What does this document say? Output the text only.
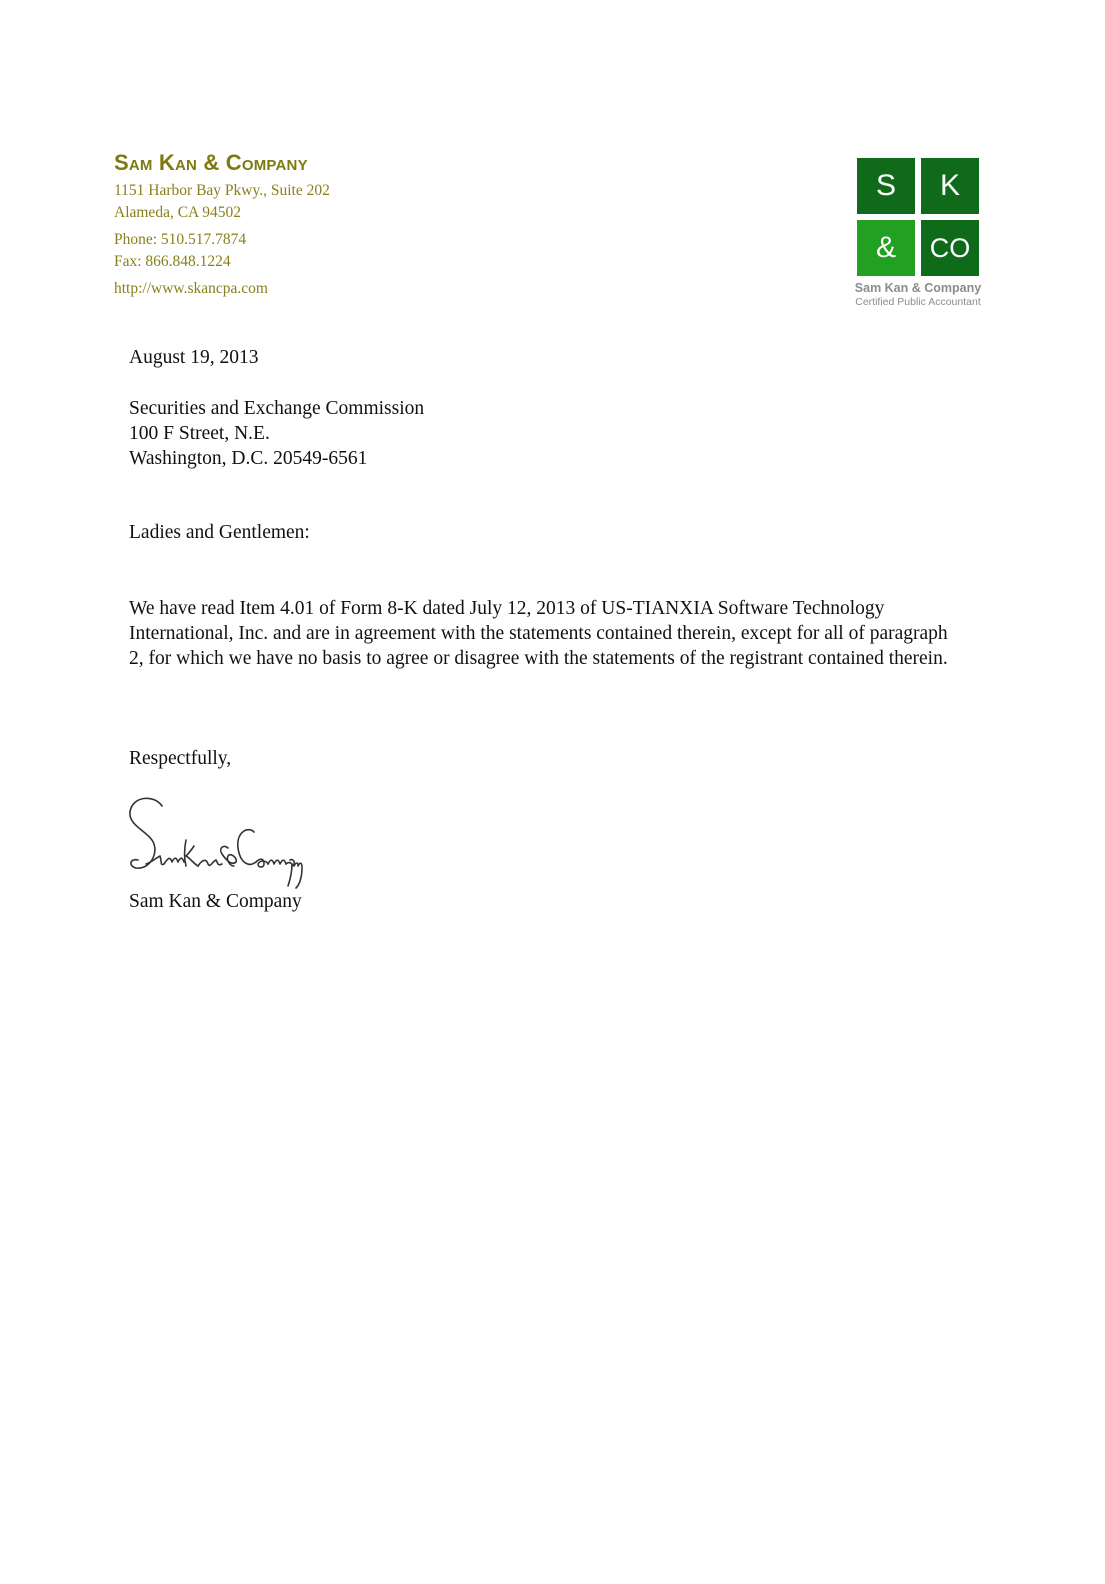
Sam Kan & Company
1151 Harbor Bay Pkwy., Suite 202
Alameda, CA 94502
Phone: 510.517.7874
Fax: 866.848.1224
http://www.skancpa.com
S	K
&	CO
Sam Kan & Company
Certified Public Accountant
August 19, 2013
Securities and Exchange Commission
100 F Street, N.E.
Washington, D.C. 20549-6561
Ladies and Gentlemen:
We have read Item 4.01 of Form 8-K dated July 12, 2013 of US-TIANXIA Software Technology
International, Inc. and are in agreement with the statements contained therein, except for all of paragraph
2, for which we have no basis to agree or disagree with the statements of the registrant contained therein.
Respectfully,
Sam Kan & Company
